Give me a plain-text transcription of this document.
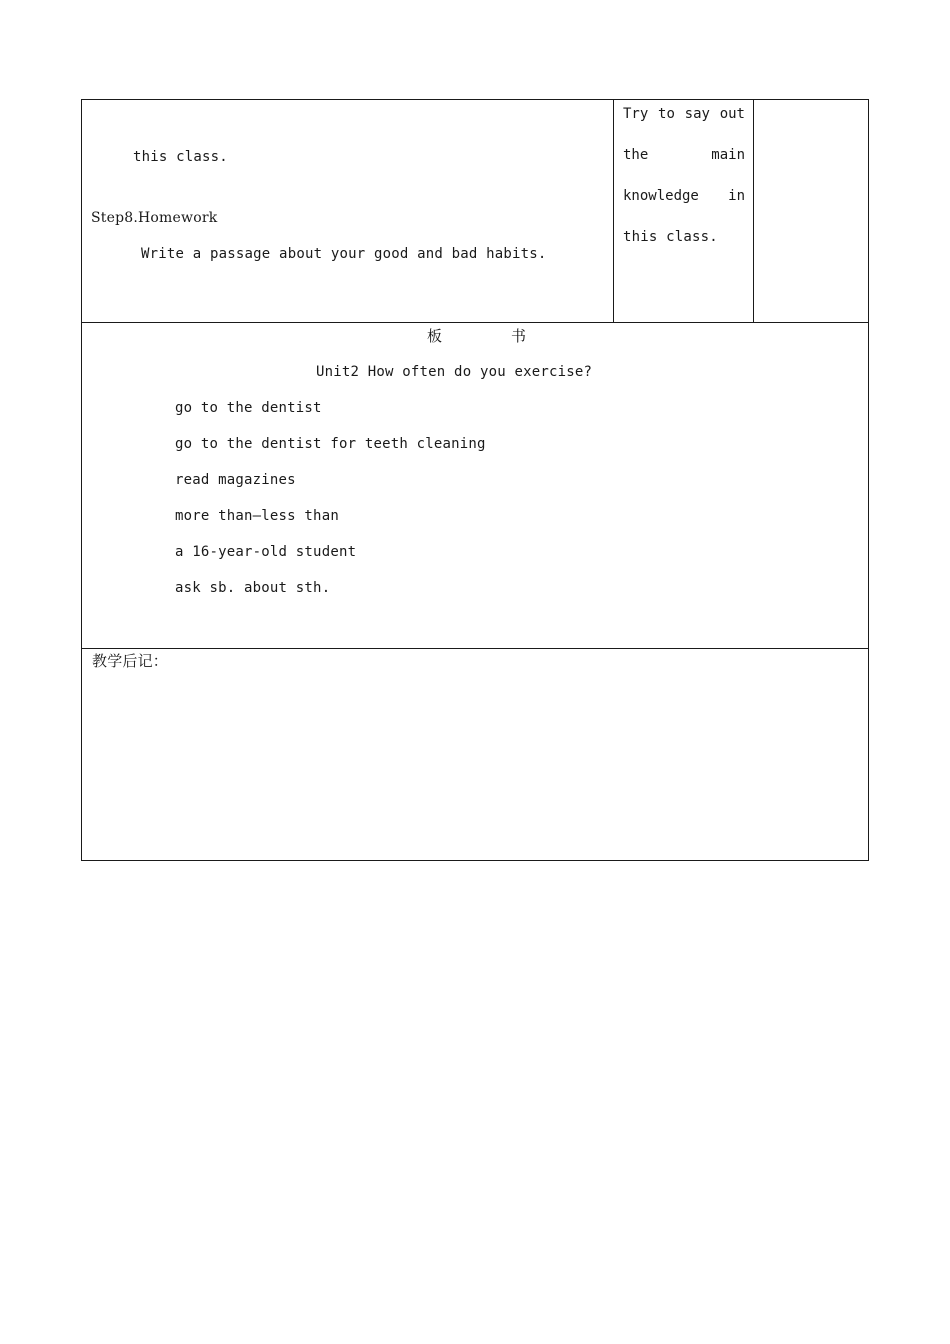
this class.
Step8.Homework
Write a passage about your good and bad habits.
Try to say out
the	main
knowledge in
this class.
板	书
Unit2 How often do you exercise?
go to the dentist
go to the dentist for teeth cleaning
read magazines
more than—less than
a 16-year-old student
ask sb. about sth.
教学后记：
